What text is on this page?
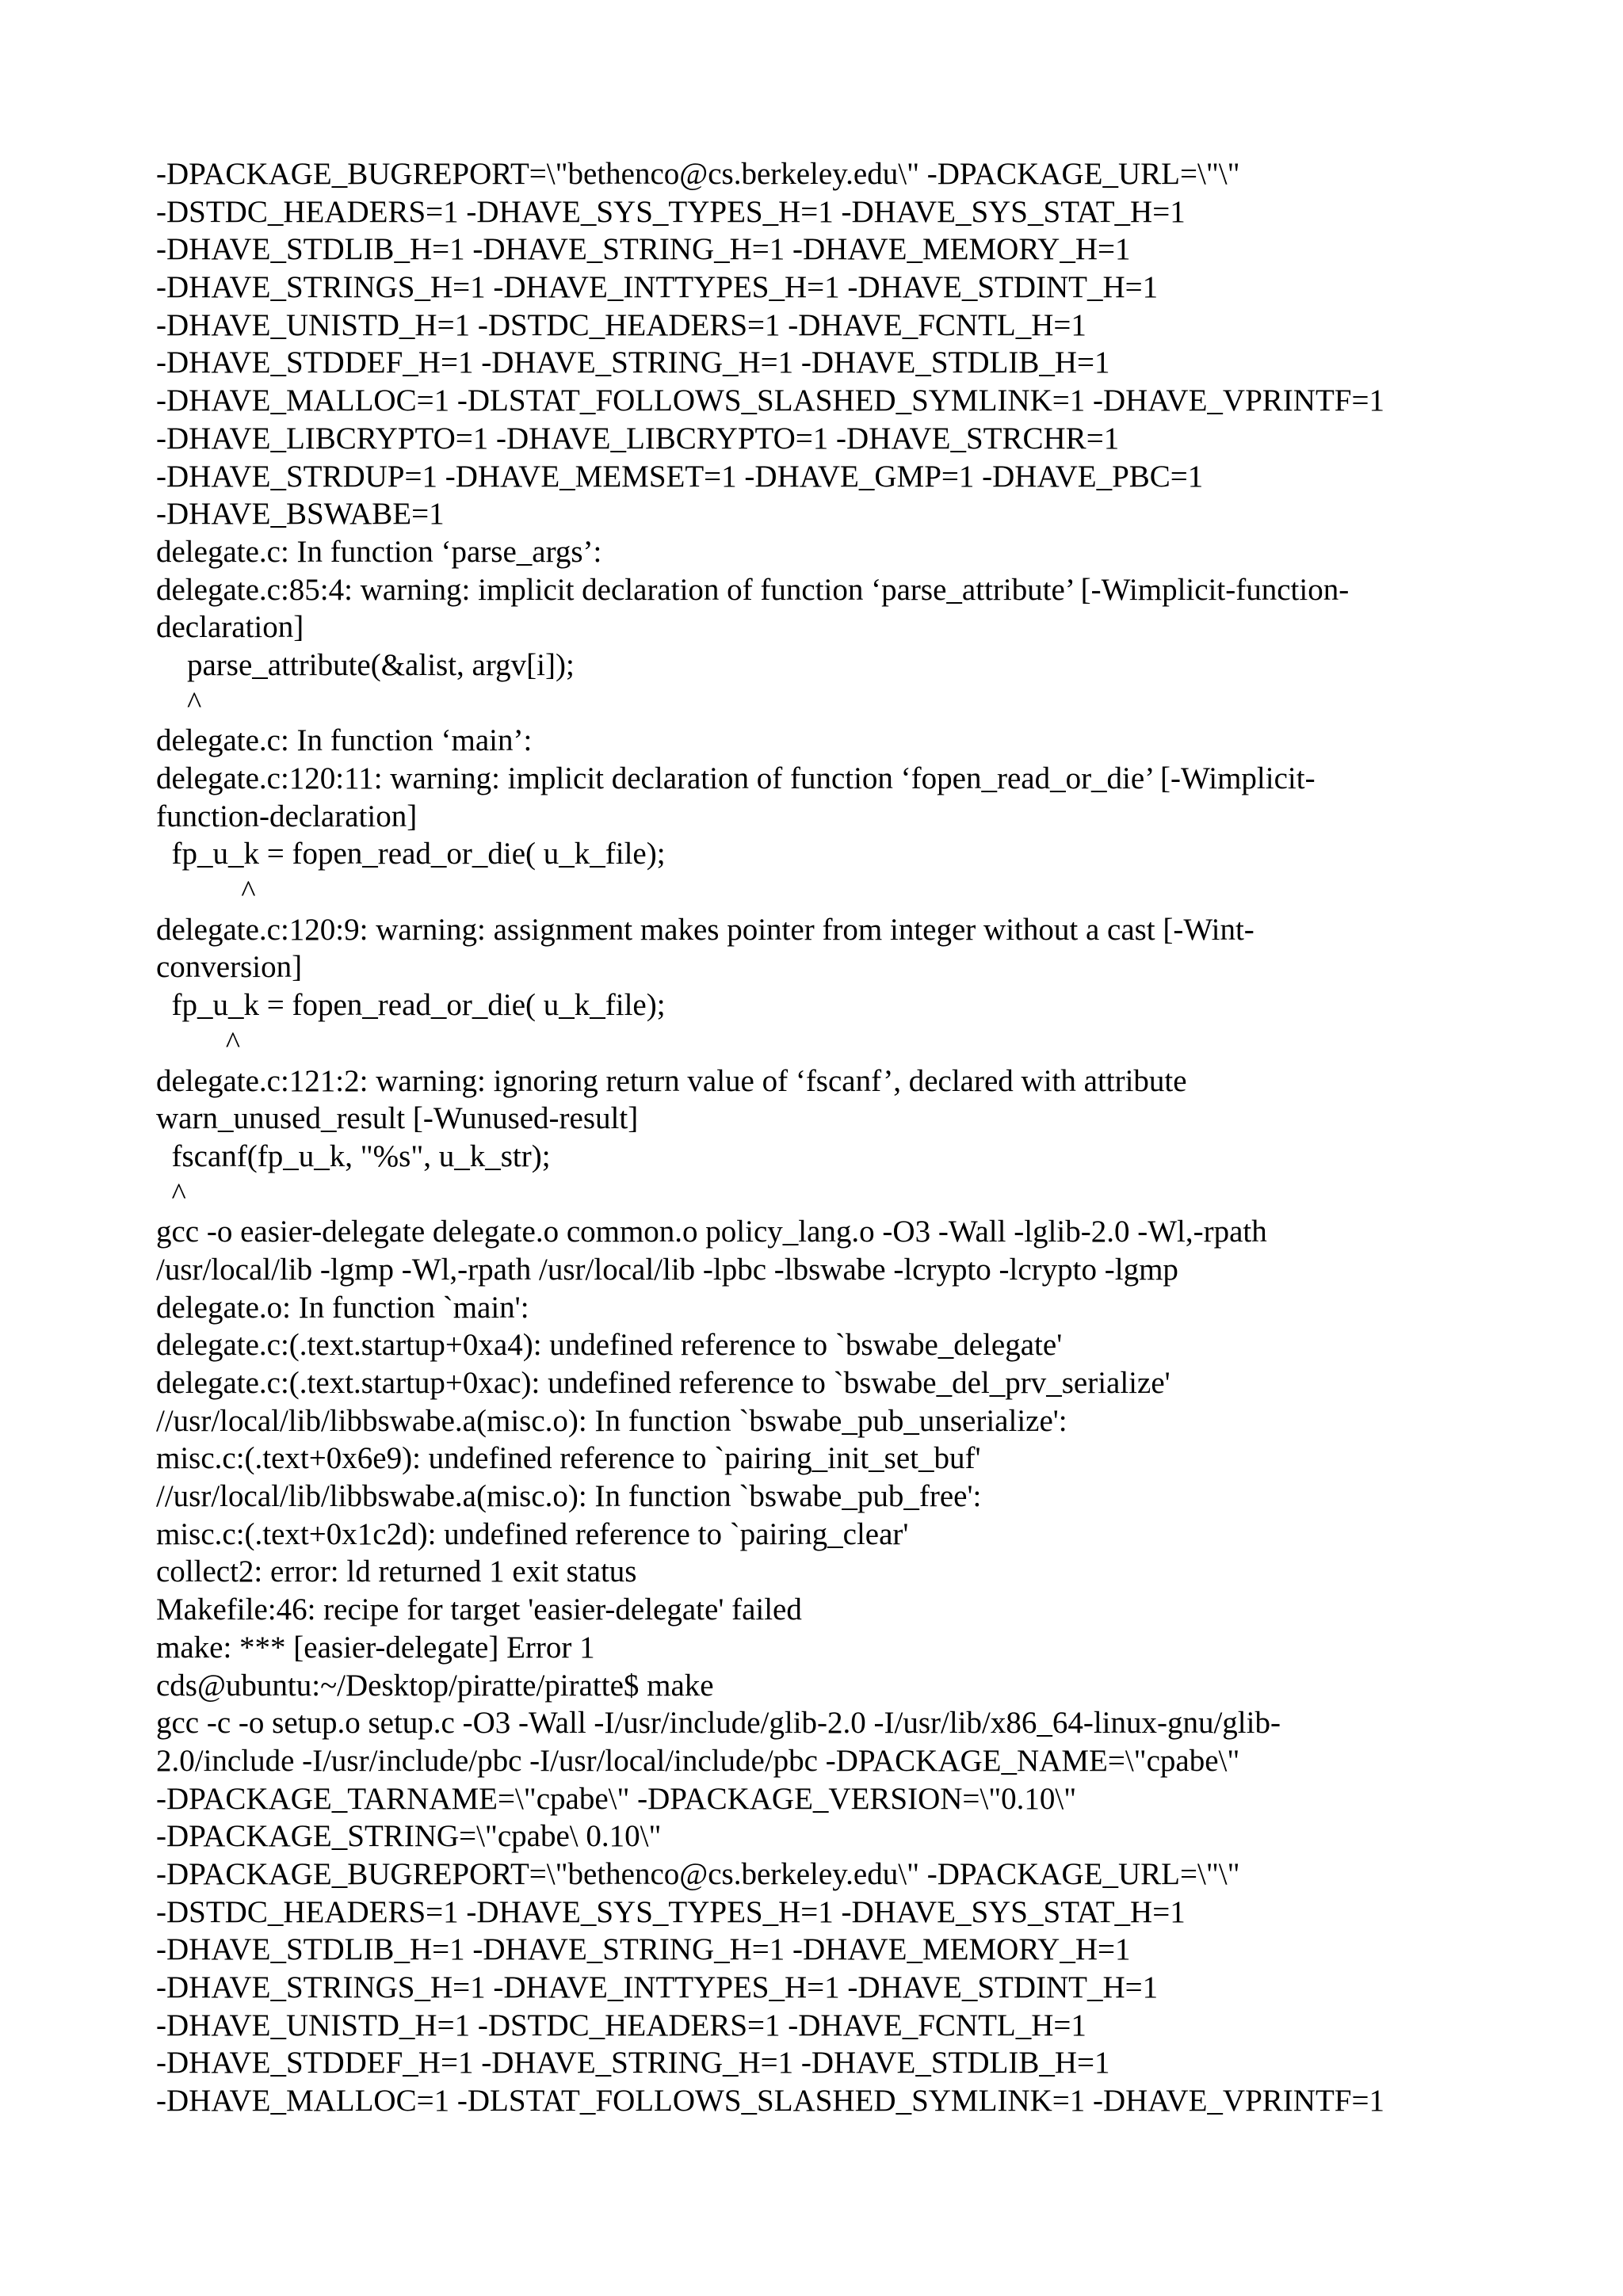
-DPACKAGE_BUGREPORT=\"bethenco@cs.berkeley.edu\" -DPACKAGE_URL=\"\"
-DSTDC_HEADERS=1 -DHAVE_SYS_TYPES_H=1 -DHAVE_SYS_STAT_H=1
-DHAVE_STDLIB_H=1 -DHAVE_STRING_H=1 -DHAVE_MEMORY_H=1
-DHAVE_STRINGS_H=1 -DHAVE_INTTYPES_H=1 -DHAVE_STDINT_H=1
-DHAVE_UNISTD_H=1 -DSTDC_HEADERS=1 -DHAVE_FCNTL_H=1
-DHAVE_STDDEF_H=1 -DHAVE_STRING_H=1 -DHAVE_STDLIB_H=1
-DHAVE_MALLOC=1 -DLSTAT_FOLLOWS_SLASHED_SYMLINK=1 -DHAVE_VPRINTF=1
-DHAVE_LIBCRYPTO=1 -DHAVE_LIBCRYPTO=1 -DHAVE_STRCHR=1
-DHAVE_STRDUP=1 -DHAVE_MEMSET=1 -DHAVE_GMP=1 -DHAVE_PBC=1
-DHAVE_BSWABE=1
delegate.c: In function ‘parse_args’:
delegate.c:85:4: warning: implicit declaration of function ‘parse_attribute’ [-Wimplicit-function-
declaration]
parse_attribute(&alist, argv[i]);
^
delegate.c: In function ‘main’:
delegate.c:120:11: warning: implicit declaration of function ‘fopen_read_or_die’ [-Wimplicit-
function-declaration]
fp_u_k = fopen_read_or_die( u_k_file);
^
delegate.c:120:9: warning: assignment makes pointer from integer without a cast [-Wint-
conversion]
fp_u_k = fopen_read_or_die( u_k_file);
^
delegate.c:121:2: warning: ignoring return value of ‘fscanf’, declared with attribute
warn_unused_result [-Wunused-result]
fscanf(fp_u_k, "%s", u_k_str);
^
gcc -o easier-delegate delegate.o common.o policy_lang.o -O3 -Wall -lglib-2.0 -Wl,-rpath
/usr/local/lib -lgmp -Wl,-rpath /usr/local/lib -lpbc -lbswabe -lcrypto -lcrypto -lgmp
delegate.o: In function `main':
delegate.c:(.text.startup+0xa4): undefined reference to `bswabe_delegate'
delegate.c:(.text.startup+0xac): undefined reference to `bswabe_del_prv_serialize'
//usr/local/lib/libbswabe.a(misc.o): In function `bswabe_pub_unserialize':
misc.c:(.text+0x6e9): undefined reference to `pairing_init_set_buf'
//usr/local/lib/libbswabe.a(misc.o): In function `bswabe_pub_free':
misc.c:(.text+0x1c2d): undefined reference to `pairing_clear'
collect2: error: ld returned 1 exit status
Makefile:46: recipe for target 'easier-delegate' failed
make: *** [easier-delegate] Error 1
cds@ubuntu:~/Desktop/piratte/piratte$ make
gcc -c -o setup.o setup.c -O3 -Wall -I/usr/include/glib-2.0 -I/usr/lib/x86_64-linux-gnu/glib-
2.0/include -I/usr/include/pbc -I/usr/local/include/pbc -DPACKAGE_NAME=\"cpabe\"
-DPACKAGE_TARNAME=\"cpabe\" -DPACKAGE_VERSION=\"0.10\"
-DPACKAGE_STRING=\"cpabe\ 0.10\"
-DPACKAGE_BUGREPORT=\"bethenco@cs.berkeley.edu\" -DPACKAGE_URL=\"\"
-DSTDC_HEADERS=1 -DHAVE_SYS_TYPES_H=1 -DHAVE_SYS_STAT_H=1
-DHAVE_STDLIB_H=1 -DHAVE_STRING_H=1 -DHAVE_MEMORY_H=1
-DHAVE_STRINGS_H=1 -DHAVE_INTTYPES_H=1 -DHAVE_STDINT_H=1
-DHAVE_UNISTD_H=1 -DSTDC_HEADERS=1 -DHAVE_FCNTL_H=1
-DHAVE_STDDEF_H=1 -DHAVE_STRING_H=1 -DHAVE_STDLIB_H=1
-DHAVE_MALLOC=1 -DLSTAT_FOLLOWS_SLASHED_SYMLINK=1 -DHAVE_VPRINTF=1
